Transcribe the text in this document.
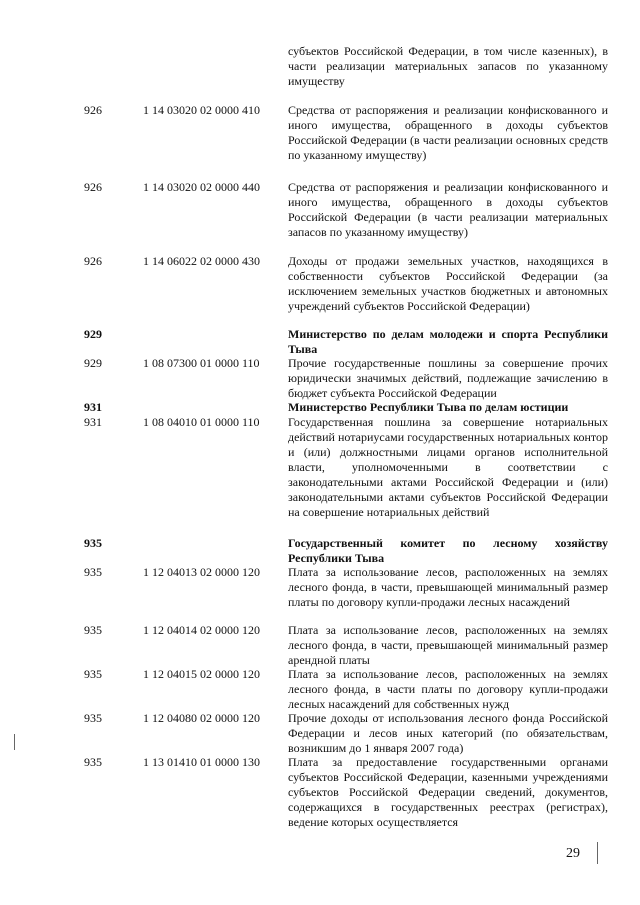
субъектов Российской Федерации, в том числе казенных), в части реализации материальных запасов по указанному имуществу
926	1 14 03020 02 0000 410	Средства от распоряжения и реализации конфискованного и иного имущества, обращенного в доходы субъектов Российской Федерации (в части реализации основных средств по указанному имуществу)
926	1 14 03020 02 0000 440	Средства от распоряжения и реализации конфискованного и иного имущества, обращенного в доходы субъектов Российской Федерации (в части реализации материальных запасов по указанному имуществу)
926	1 14 06022 02 0000 430	Доходы от продажи земельных участков, находящихся в собственности субъектов Российской Федерации (за исключением земельных участков бюджетных и автономных учреждений субъектов Российской Федерации)
929	Министерство по делам молодежи и спорта Республики Тыва
929	1 08 07300 01 0000 110	Прочие государственные пошлины за совершение прочих юридически значимых действий, подлежащие зачислению в бюджет субъекта Российской Федерации
931	Министерство Республики Тыва по делам юстиции
931	1 08 04010 01 0000 110	Государственная пошлина за совершение нотариальных действий нотариусами государственных нотариальных контор и (или) должностными лицами органов исполнительной власти, уполномоченными в соответствии с законодательными актами Российской Федерации и (или) законодательными актами субъектов Российской Федерации на совершение нотариальных действий
935	Государственный комитет по лесному хозяйству Республики Тыва
935	1 12 04013 02 0000 120	Плата за использование лесов, расположенных на землях лесного фонда, в части, превышающей минимальный размер платы по договору купли-продажи лесных насаждений
935	1 12 04014 02 0000 120	Плата за использование лесов, расположенных на землях лесного фонда, в части, превышающей минимальный размер арендной платы
935	1 12 04015 02 0000 120	Плата за использование лесов, расположенных на землях лесного фонда, в части платы по договору купли-продажи лесных насаждений для собственных нужд
935	1 12 04080 02 0000 120	Прочие доходы от использования лесного фонда Российской Федерации и лесов иных категорий (по обязательствам, возникшим до 1 января 2007 года)
935	1 13 01410 01 0000 130	Плата за предоставление государственными органами субъектов Российской Федерации, казенными учреждениями субъектов Российской Федерации сведений, документов, содержащихся в государственных реестрах (регистрах), ведение которых осуществляется
29
